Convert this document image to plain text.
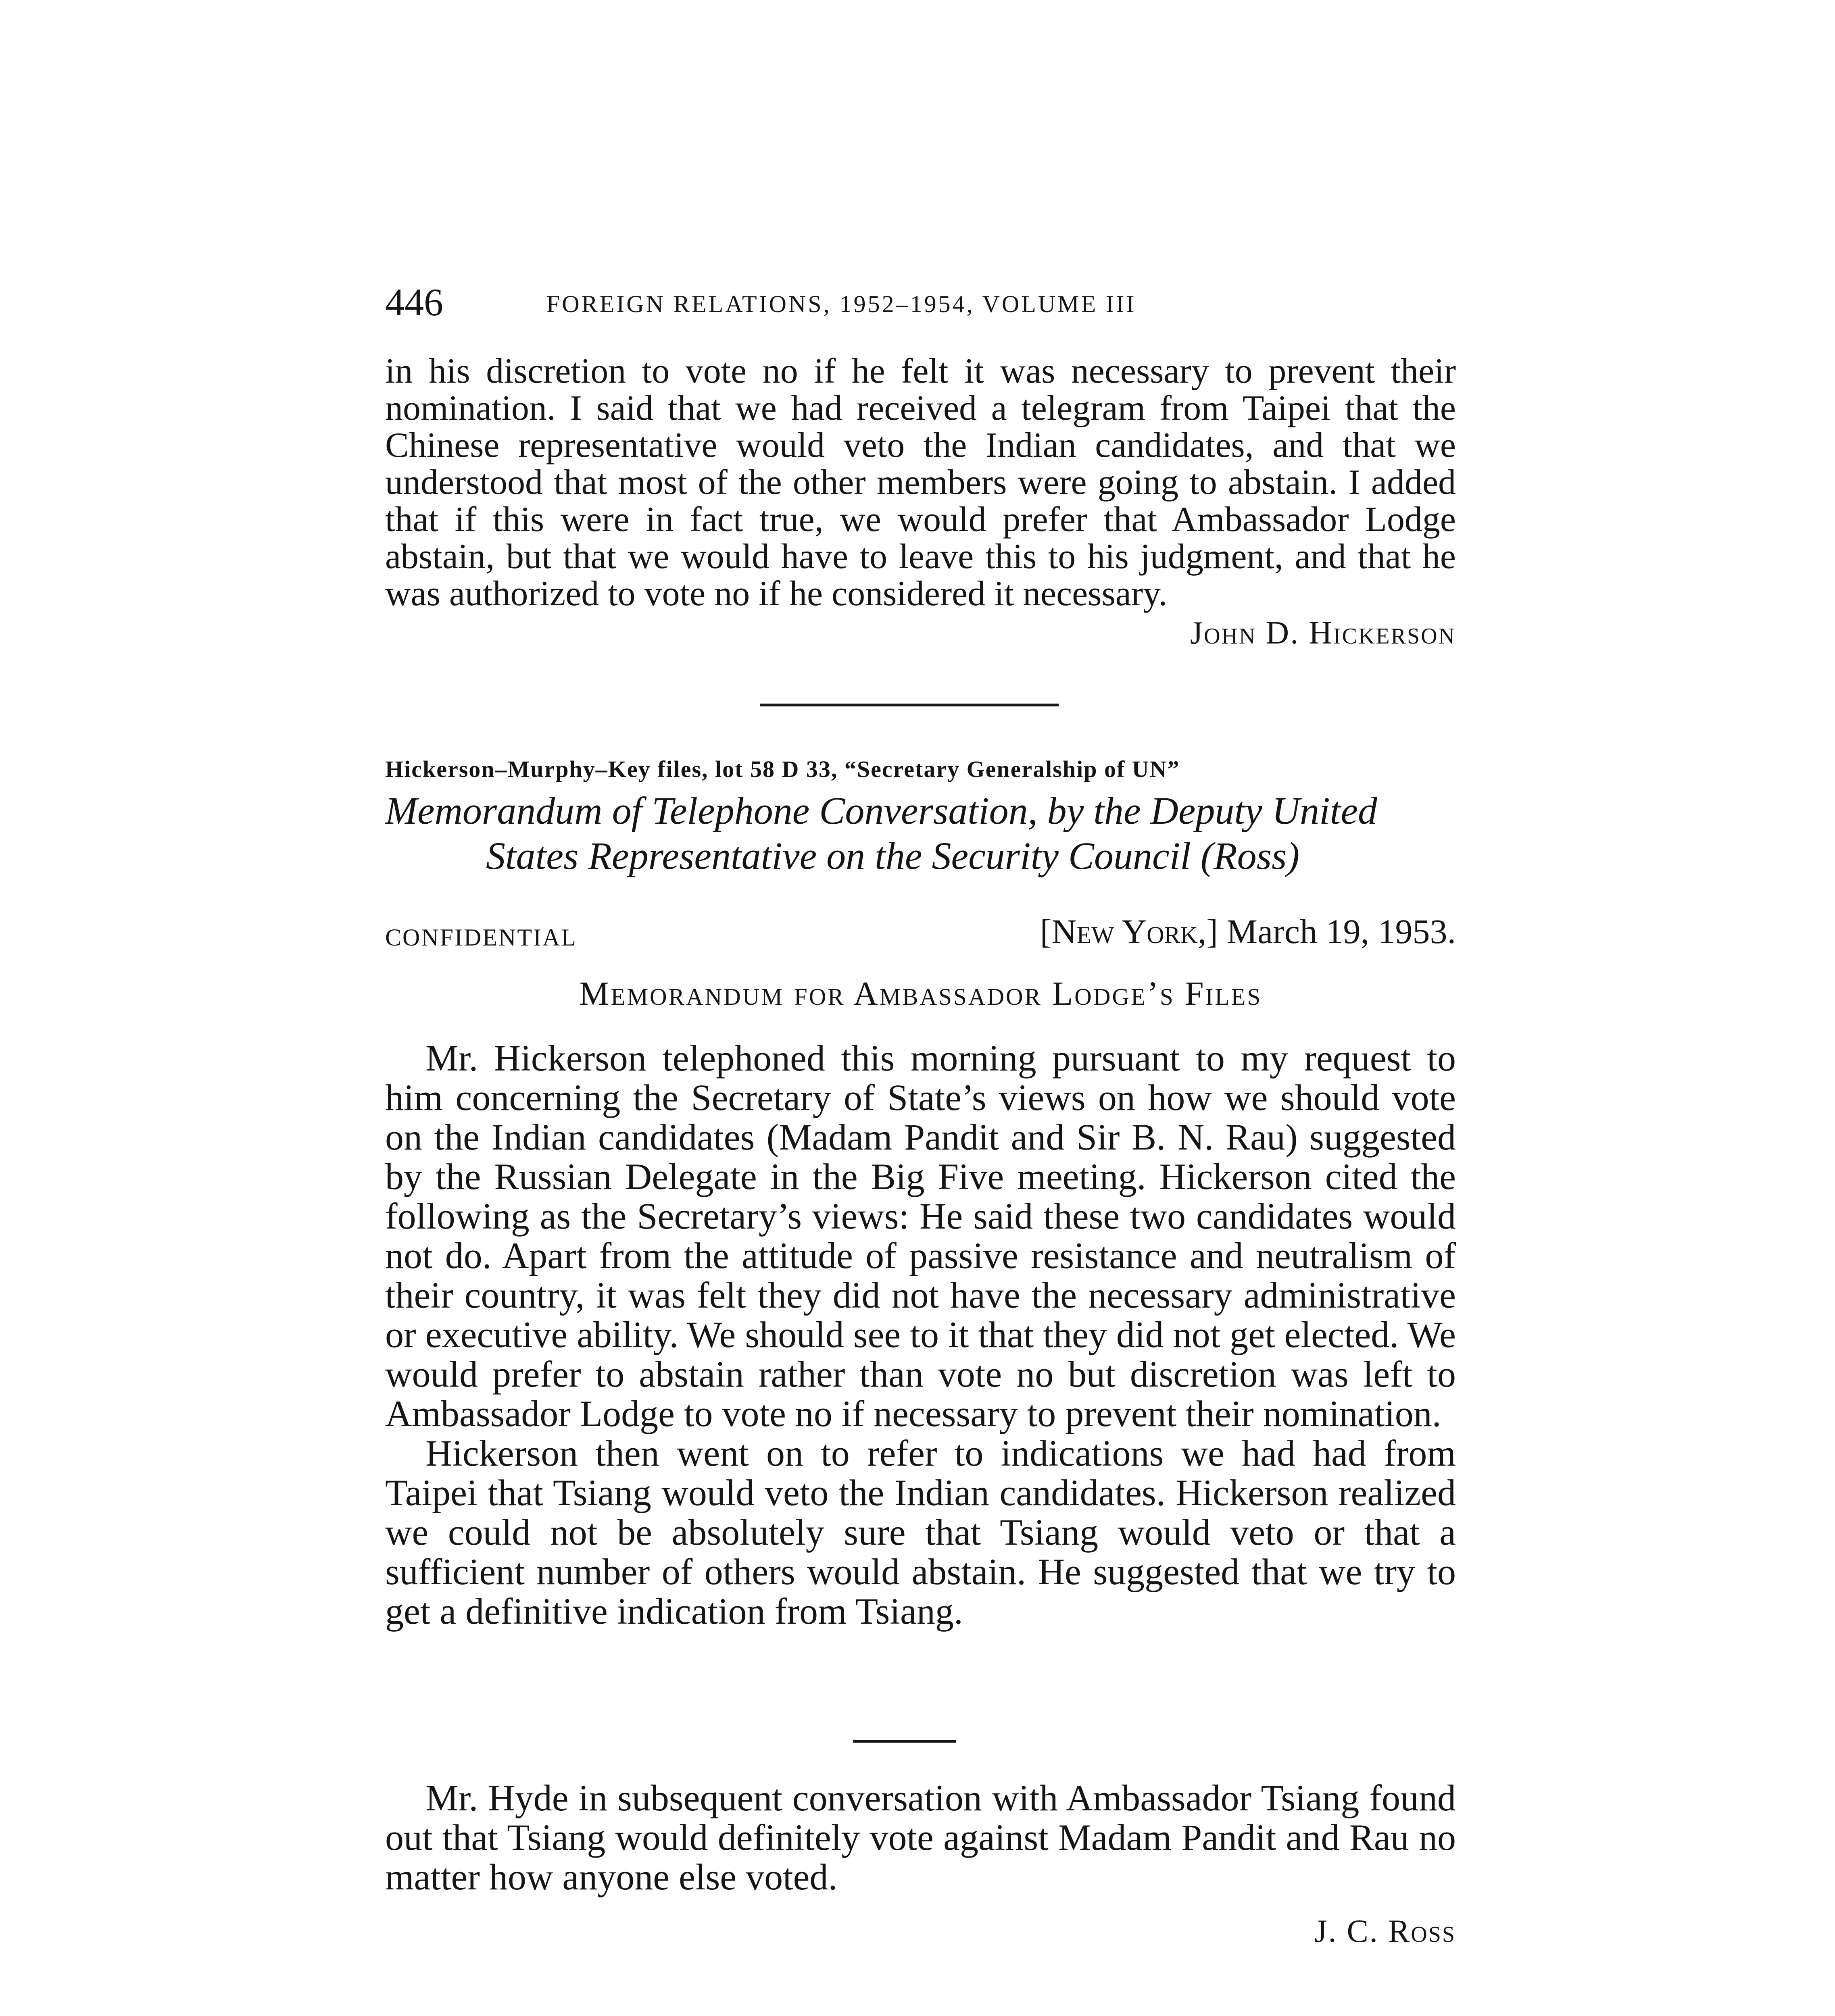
446	FOREIGN RELATIONS, 1952–1954, VOLUME III

in his discretion to vote no if he felt it was necessary to prevent their nomination. I said that we had received a telegram from Taipei that the Chinese representative would veto the Indian candidates, and that we understood that most of the other members were going to abstain. I added that if this were in fact true, we would prefer that Ambassador Lodge abstain, but that we would have to leave this to his judgment, and that he was authorized to vote no if he considered it necessary.

John D. Hickerson
Hickerson–Murphy–Key files, lot 58 D 33, “Secretary Generalship of UN”
Memorandum of Telephone Conversation, by the Deputy United
States Representative on the Security Council (Ross)
CONFIDENTIAL	[New York,] March 19, 1953.
Memorandum for Ambassador Lodge’s Files

Mr. Hickerson telephoned this morning pursuant to my request to him concerning the Secretary of State’s views on how we should vote on the Indian candidates (Madam Pandit and Sir B. N. Rau) suggested by the Russian Delegate in the Big Five meeting. Hickerson cited the following as the Secretary’s views: He said these two candidates would not do. Apart from the attitude of passive resistance and neutralism of their country, it was felt they did not have the necessary administrative or executive ability. We should see to it that they did not get elected. We would prefer to abstain rather than vote no but discretion was left to Ambassador Lodge to vote no if necessary to prevent their nomination.

Hickerson then went on to refer to indications we had had from Taipei that Tsiang would veto the Indian candidates. Hickerson realized we could not be absolutely sure that Tsiang would veto or that a sufficient number of others would abstain. He suggested that we try to get a definitive indication from Tsiang.

Mr. Hyde in subsequent conversation with Ambassador Tsiang found out that Tsiang would definitely vote against Madam Pandit and Rau no matter how anyone else voted.

J. C. Ross
